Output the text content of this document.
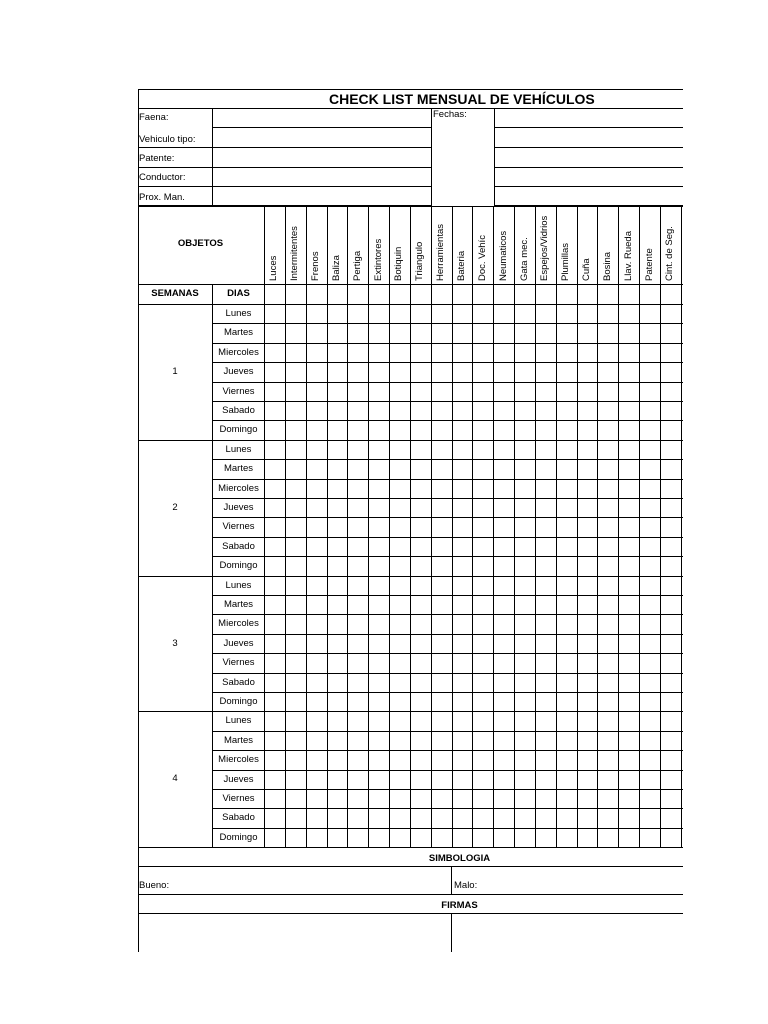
CHECK LIST MENSUAL DE VEHÍCULOS
Faena:
Vehiculo tipo:
Patente:
Conductor:
Prox. Man.
Fechas:
OBJETOS
SEMANAS	DIAS
Luces Intermitentes Frenos Baliza Pertiga Extintores Botiquin Triangulo Herramientas Bateria Doc. Vehíc Neumaticos Gata mec. Espejos/Vidrios Plumillas Cuña Bosina Llav. Rueda Patente Cint. de Seg.
1
Lunes
Martes
Miercoles
Jueves
Viernes
Sabado
Domingo
2
Lunes
Martes
Miercoles
Jueves
Viernes
Sabado
Domingo
3
Lunes
Martes
Miercoles
Jueves
Viernes
Sabado
Domingo
4
Lunes
Martes
Miercoles
Jueves
Viernes
Sabado
Domingo
SIMBOLOGIA
Bueno:	Malo:
FIRMAS
